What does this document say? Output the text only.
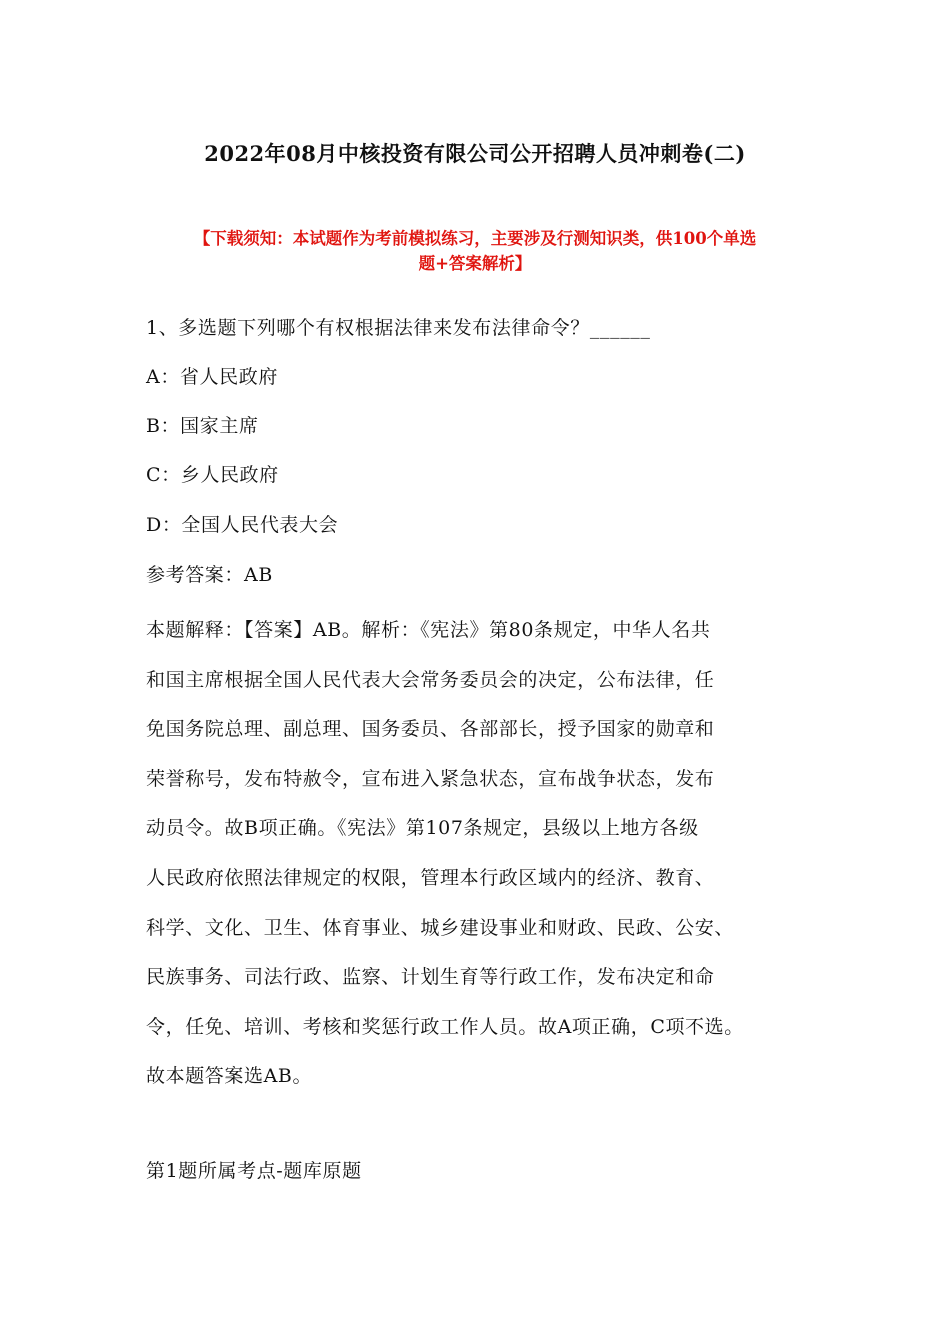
2022年08月中核投资有限公司公开招聘人员冲刺卷(二)
【下载须知：本试题作为考前模拟练习，主要涉及行测知识类，供100个单选
题+答案解析】
1、多选题下列哪个有权根据法律来发布法律命令？______
A：省人民政府
B：国家主席
C：乡人民政府
D：全国人民代表大会
参考答案：AB
本题解释：【答案】AB。解析：《宪法》第80条规定，中华人名共
和国主席根据全国人民代表大会常务委员会的决定，公布法律，任
免国务院总理、副总理、国务委员、各部部长，授予国家的勋章和
荣誉称号，发布特赦令，宣布进入紧急状态，宣布战争状态，发布
动员令。故B项正确。《宪法》第107条规定，县级以上地方各级
人民政府依照法律规定的权限，管理本行政区域内的经济、教育、
科学、文化、卫生、体育事业、城乡建设事业和财政、民政、公安、
民族事务、司法行政、监察、计划生育等行政工作，发布决定和命
令，任免、培训、考核和奖惩行政工作人员。故A项正确，C项不选。
故本题答案选AB。
第1题所属考点-题库原题
